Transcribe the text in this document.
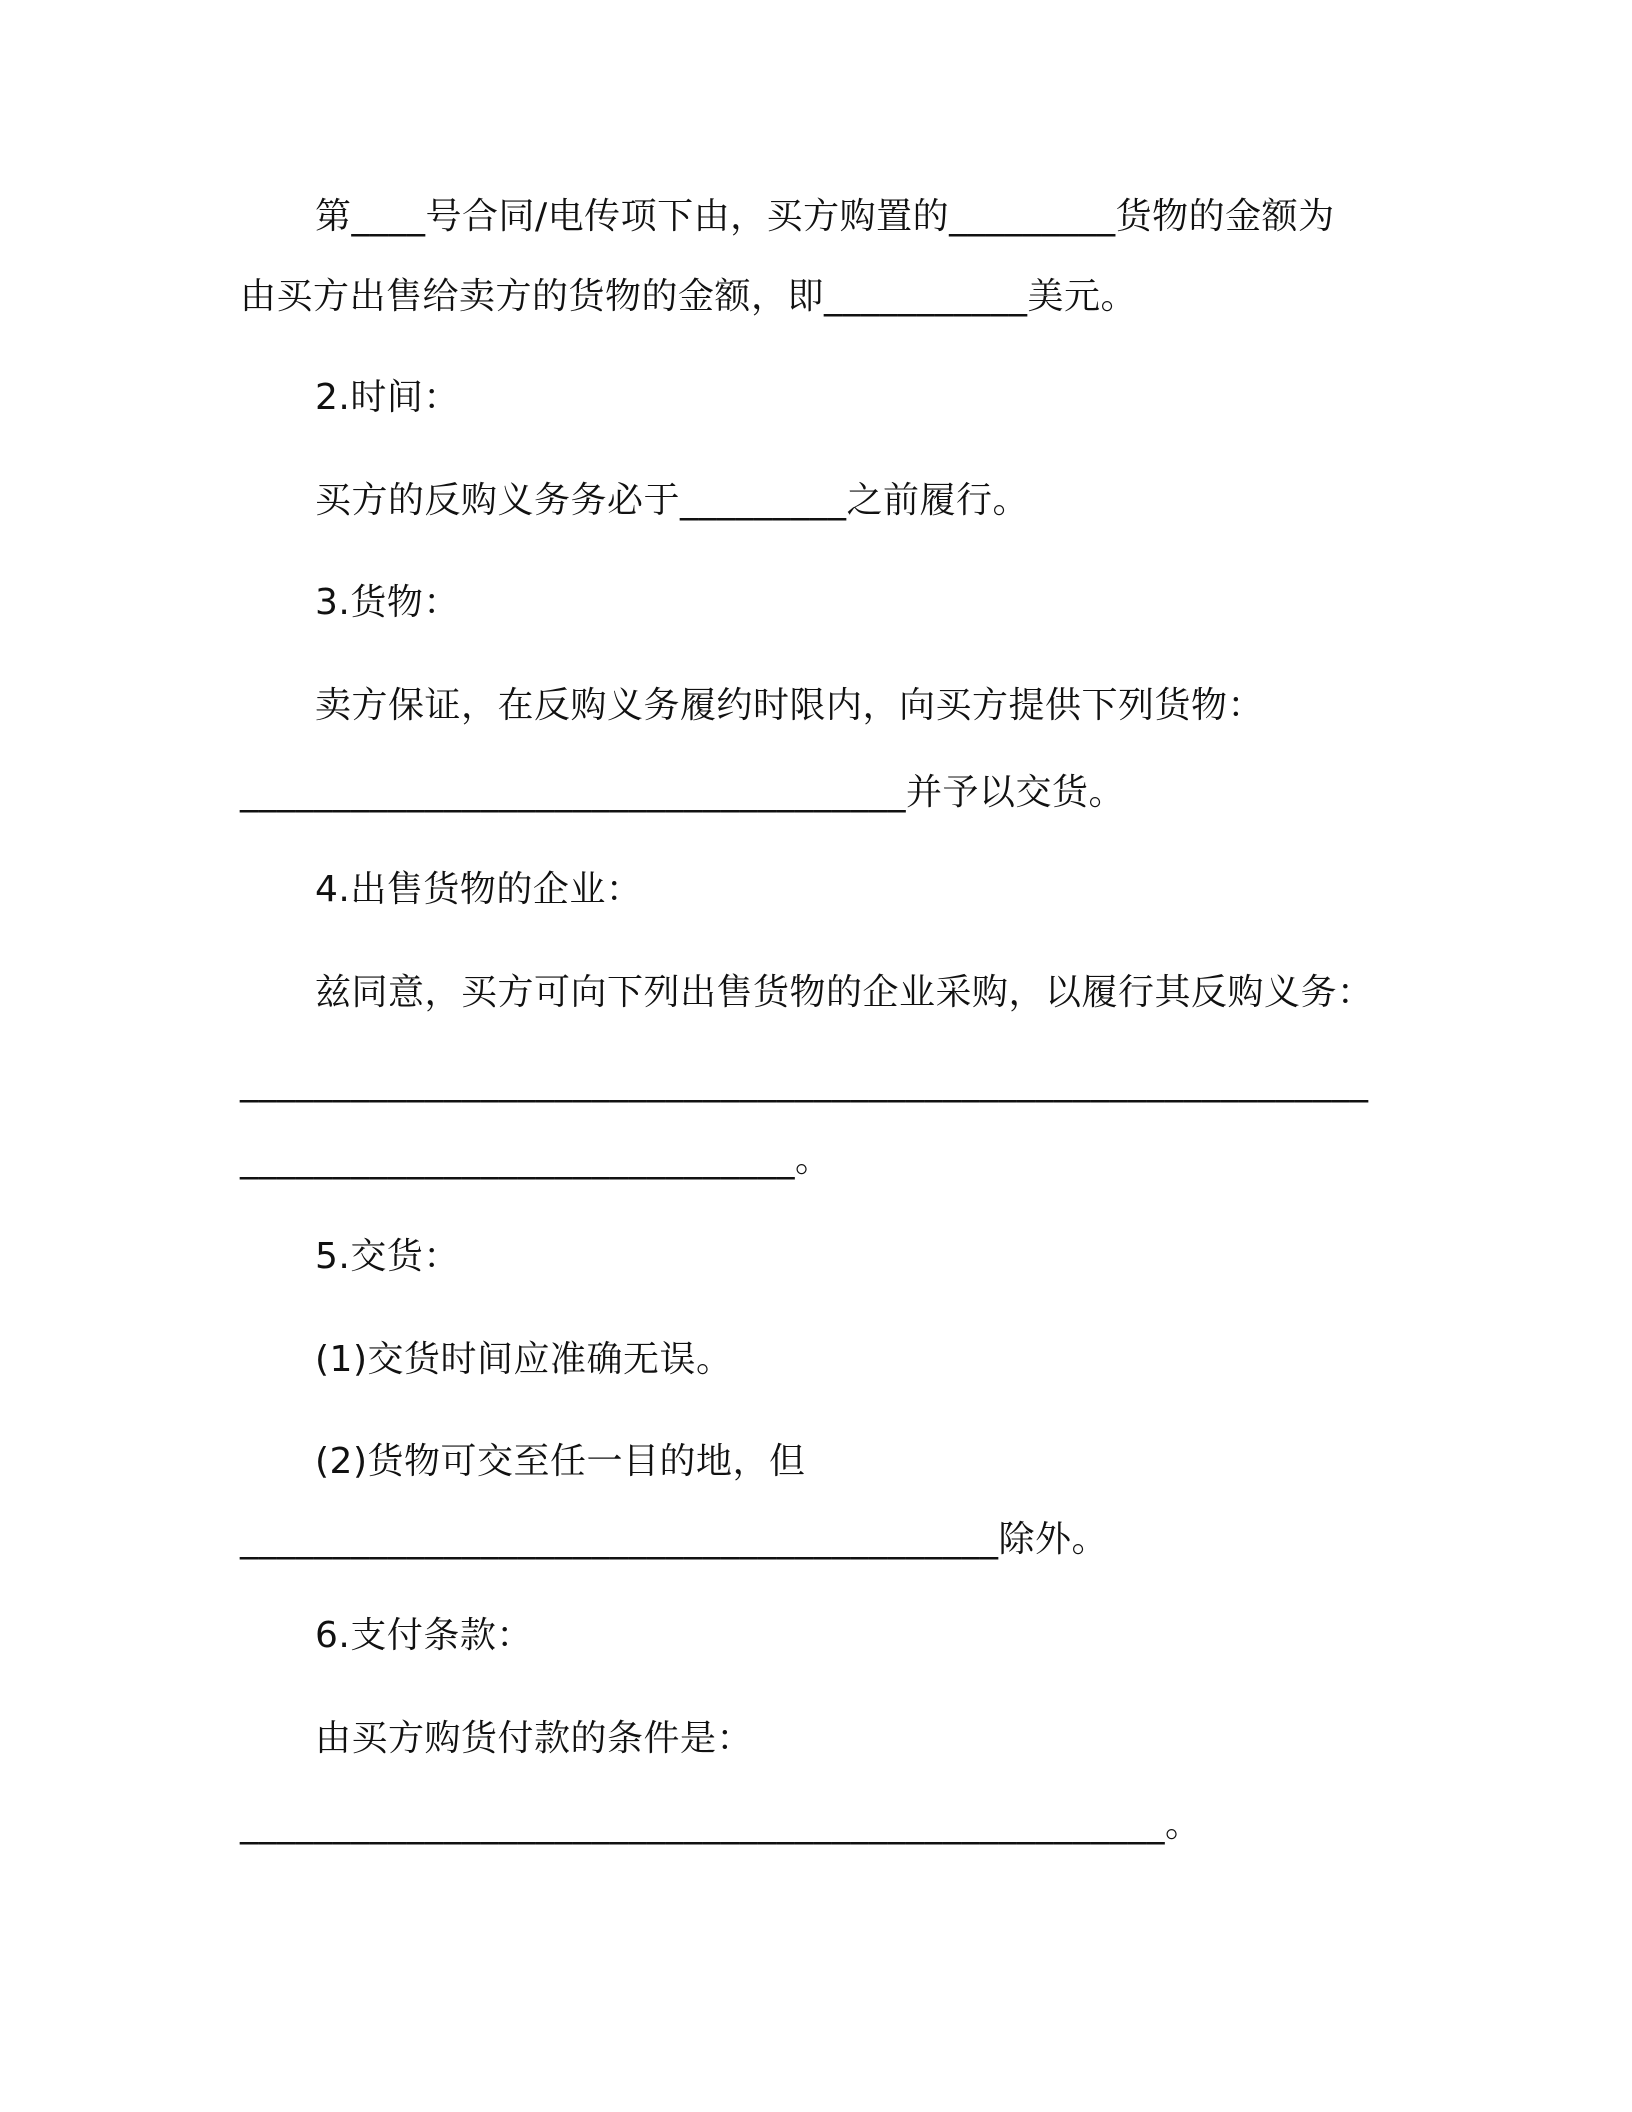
第____号合同/电传项下由，买方购置的_________货物的金额为
由买方出售给卖方的货物的金额，即___________美元。
2.时间：
买方的反购义务务必于_________之前履行。
3.货物：
卖方保证，在反购义务履约时限内，向买方提供下列货物：
____________________________________并予以交货。
4.出售货物的企业：
兹同意，买方可向下列出售货物的企业采购，以履行其反购义务：
_____________________________________________________________
______________________________。
5.交货：
(1)交货时间应准确无误。
(2)货物可交至任一目的地，但
_________________________________________除外。
6.支付条款：
由买方购货付款的条件是：
__________________________________________________。
